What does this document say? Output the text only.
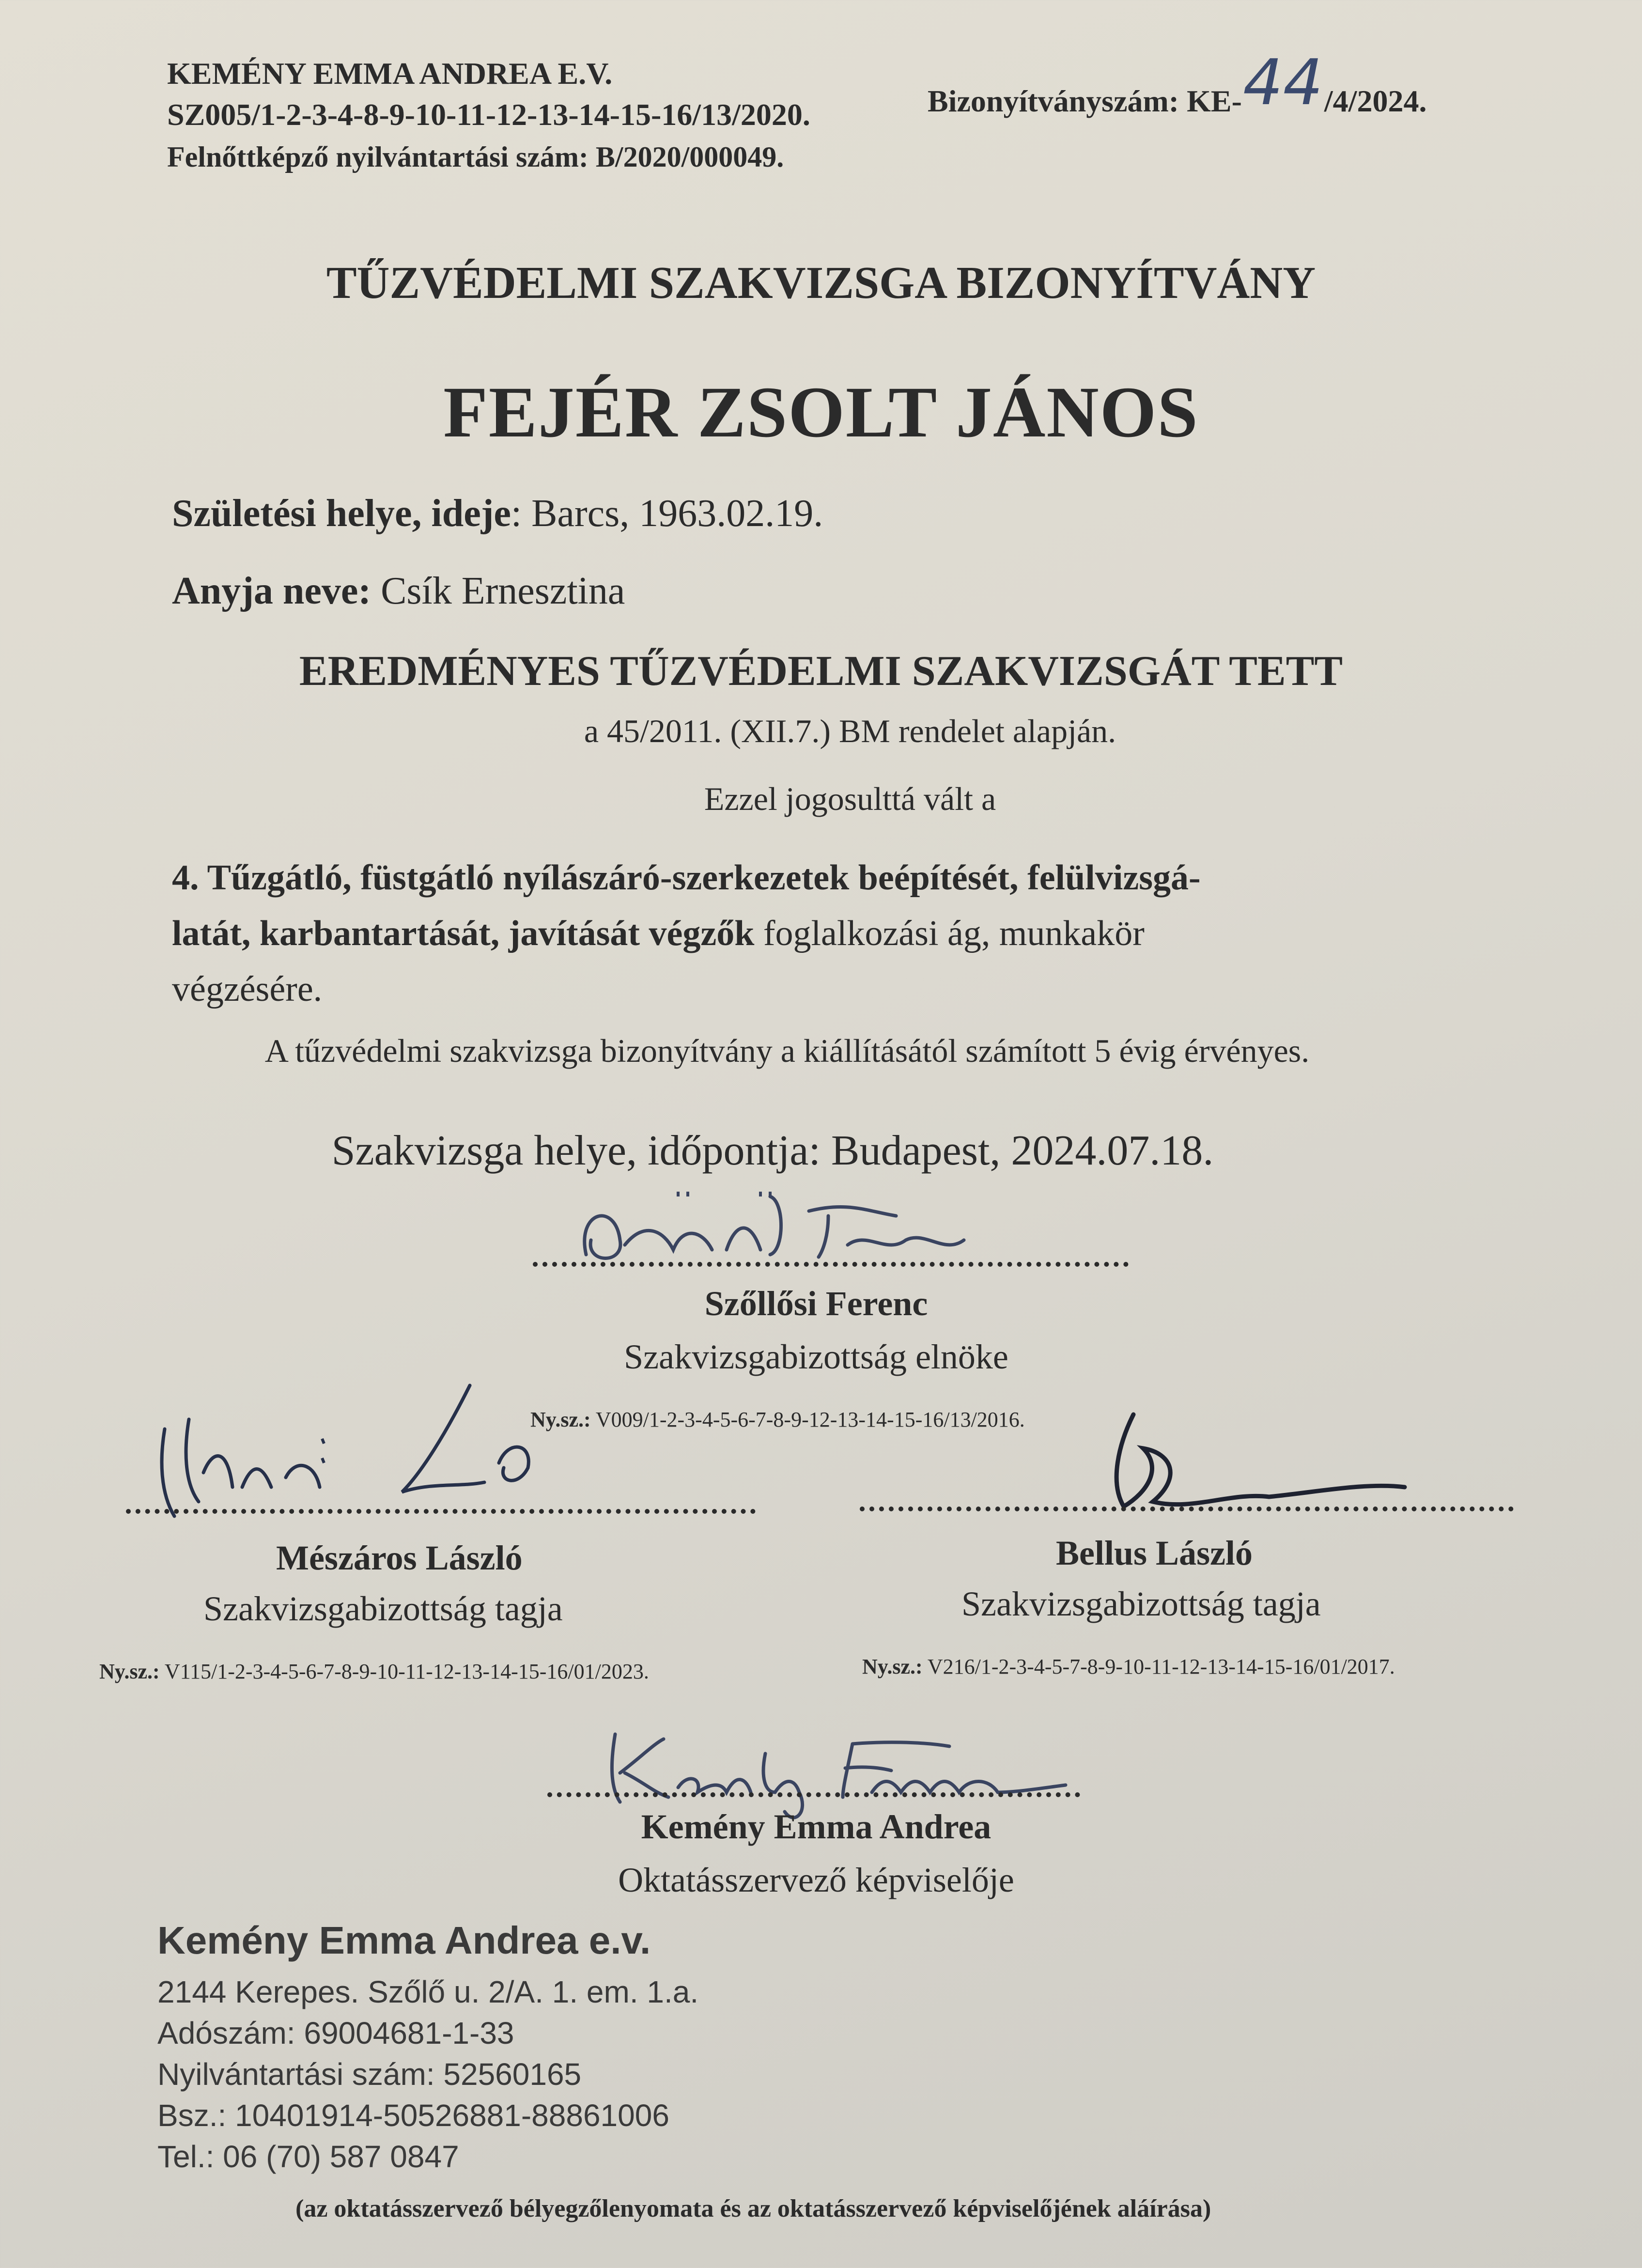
KEMÉNY EMMA ANDREA E.V.
SZ005/1-2-3-4-8-9-10-11-12-13-14-15-16/13/2020.
Felnőttképző nyilvántartási szám: B/2020/000049.
Bizonyítványszám: KE-44/4/2024.
TŰZVÉDELMI SZAKVIZSGA BIZONYÍTVÁNY
FEJÉR ZSOLT JÁNOS
Születési helye, ideje: Barcs, 1963.02.19.
Anyja neve: Csík Ernesztina
EREDMÉNYES TŰZVÉDELMI SZAKVIZSGÁT TETT
a 45/2011. (XII.7.) BM rendelet alapján.
Ezzel jogosulttá vált a
4. Tűzgátló, füstgátló nyílászáró-szerkezetek beépítését, felülvizsgá-
latát, karbantartását, javítását végzők foglalkozási ág, munkakör
végzésére.
A tűzvédelmi szakvizsga bizonyítvány a kiállításától számított 5 évig érvényes.
Szakvizsga helye, időpontja: Budapest, 2024.07.18.
Szőllősi Ferenc
Szakvizsgabizottság elnöke
Ny.sz.: V009/1-2-3-4-5-6-7-8-9-12-13-14-15-16/13/2016.
Mészáros László
Szakvizsgabizottság tagja
Ny.sz.: V115/1-2-3-4-5-6-7-8-9-10-11-12-13-14-15-16/01/2023.
Bellus László
Szakvizsgabizottság tagja
Ny.sz.: V216/1-2-3-4-5-7-8-9-10-11-12-13-14-15-16/01/2017.
Kemény Emma Andrea
Oktatásszervező képviselője
Kemény Emma Andrea e.v.
2144 Kerepes. Szőlő u. 2/A. 1. em. 1.a.
Adószám: 69004681-1-33
Nyilvántartási szám: 52560165
Bsz.: 10401914-50526881-88861006
Tel.: 06 (70) 587 0847
(az oktatásszervező bélyegzőlenyomata és az oktatásszervező képviselőjének aláírása)
